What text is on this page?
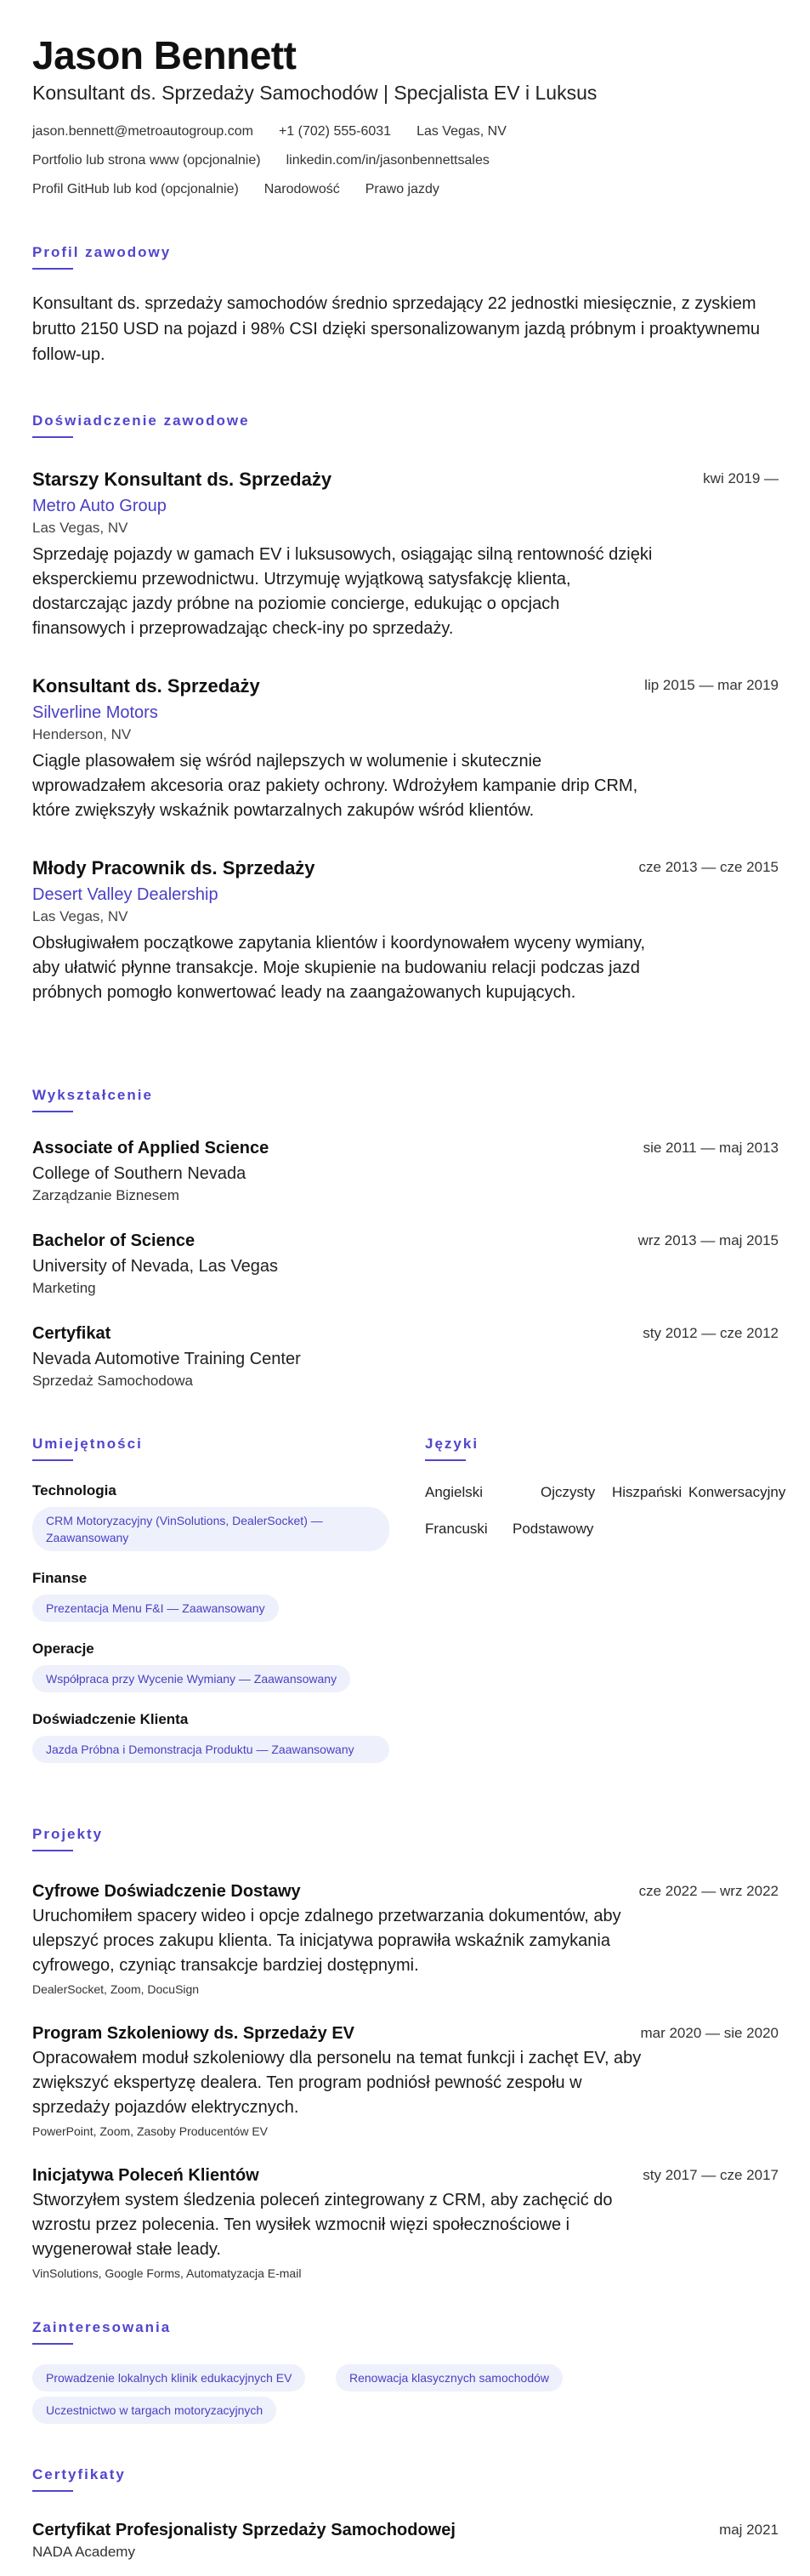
Jason Bennett

Konsultant ds. Sprzedaży Samochodów | Specjalista EV i Luksus

jason.bennett@metroautogroup.com +1 (702) 555-6031 Las Vegas, NV
Portfolio lub strona www (opcjonalnie) linkedin.com/in/jasonbennettsales
Profil GitHub lub kod (opcjonalnie) Narodowość Prawo jazdy
Profil zawodowy

Konsultant ds. sprzedaży samochodów średnio sprzedający 22 jednostki miesięcznie, z zyskiem brutto 2150 USD na pojazd i 98% CSI dzięki spersonalizowanym jazdą próbnym i proaktywnemu follow-up.

Doświadczenie zawodowe
Starszy Konsultant ds. Sprzedaży	kwi 2019 —

Metro Auto Group

Las Vegas, NV

Sprzedaję pojazdy w gamach EV i luksusowych, osiągając silną rentowność dzięki eksperckiemu przewodnictwu. Utrzymuję wyjątkową satysfakcję klienta, dostarczając jazdy próbne na poziomie concierge, edukując o opcjach finansowych i przeprowadzając check-iny po sprzedaży.

Konsultant ds. Sprzedaży	lip 2015 — mar 2019

Silverline Motors

Henderson, NV

Ciągle plasowałem się wśród najlepszych w wolumenie i skutecznie wprowadzałem akcesoria oraz pakiety ochrony. Wdrożyłem kampanie drip CRM, które zwiększyły wskaźnik powtarzalnych zakupów wśród klientów.

Młody Pracownik ds. Sprzedaży	cze 2013 — cze 2015

Desert Valley Dealership

Las Vegas, NV

Obsługiwałem początkowe zapytania klientów i koordynowałem wyceny wymiany, aby ułatwić płynne transakcje. Moje skupienie na budowaniu relacji podczas jazd próbnych pomogło konwertować leady na zaangażowanych kupujących.

Wykształcenie
Associate of Applied Science	sie 2011 — maj 2013

College of Southern Nevada

Zarządzanie Biznesem

Bachelor of Science	wrz 2013 — maj 2015

University of Nevada, Las Vegas

Marketing

Certyfikat	sty 2012 — cze 2012

Nevada Automotive Training Center

Sprzedaż Samochodowa

Umiejętności

Technologia

CRM Motoryzacyjny (VinSolutions, DealerSocket) — Zaawansowany

Finanse

Prezentacja Menu F&I — Zaawansowany

Operacje

Współpraca przy Wycenie Wymiany — Zaawansowany

Doświadczenie Klienta

Jazda Próbna i Demonstracja Produktu — Zaawansowany
Języki
Angielski	Ojczysty Hiszpański Konwersacyjny
Francuski Podstawowy
Projekty
Cyfrowe Doświadczenie Dostawy	cze 2022 — wrz 2022

Uruchomiłem spacery wideo i opcje zdalnego przetwarzania dokumentów, aby ulepszyć proces zakupu klienta. Ta inicjatywa poprawiła wskaźnik zamykania cyfrowego, czyniąc transakcje bardziej dostępnymi.

DealerSocket, Zoom, DocuSign

Program Szkoleniowy ds. Sprzedaży EV	mar 2020 — sie 2020

Opracowałem moduł szkoleniowy dla personelu na temat funkcji i zachęt EV, aby zwiększyć ekspertyzę dealera. Ten program podniósł pewność zespołu w sprzedaży pojazdów elektrycznych.

PowerPoint, Zoom, Zasoby Producentów EV

Inicjatywa Poleceń Klientów	sty 2017 — cze 2017

Stworzyłem system śledzenia poleceń zintegrowany z CRM, aby zachęcić do wzrostu przez polecenia. Ten wysiłek wzmocnił więzi społecznościowe i wygenerował stałe leady.

VinSolutions, Google Forms, Automatyzacja E-mail

Zainteresowania
Prowadzenie lokalnych klinik edukacyjnych EV	Renowacja klasycznych samochodów
Uczestnictwo w targach motoryzacyjnych
Certyfikaty
Certyfikat Profesjonalisty Sprzedaży Samochodowej	maj 2021

NADA Academy
